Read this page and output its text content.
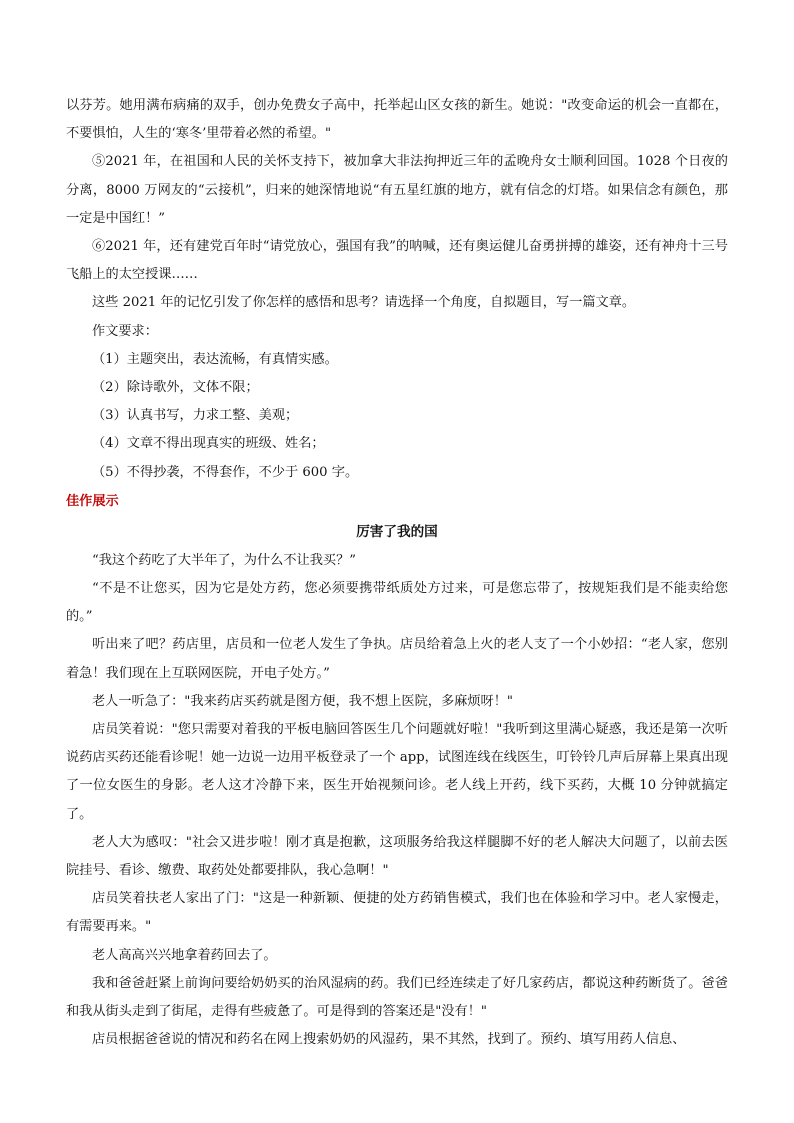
以芬芳。她用满布病痛的双手，创办免费女子高中，托举起山区女孩的新生。她说："改变命运的机会一直都在，不要惧怕，人生的‘寒冬’里带着必然的希望。"

⑤2021 年，在祖国和人民的关怀支持下，被加拿大非法拘押近三年的孟晚舟女士顺利回国。1028 个日夜的分离，8000 万网友的“云接机”，归来的她深情地说“有五星红旗的地方，就有信念的灯塔。如果信念有颜色，那一定是中国红！”

⑥2021 年，还有建党百年时“请党放心，强国有我”的呐喊，还有奥运健儿奋勇拼搏的雄姿，还有神舟十三号飞船上的太空授课……

这些 2021 年的记忆引发了你怎样的感悟和思考？请选择一个角度，自拟题目，写一篇文章。

作文要求：

（1）主题突出，表达流畅，有真情实感。

（2）除诗歌外，文体不限；

（3）认真书写，力求工整、美观；

（4）文章不得出现真实的班级、姓名；

（5）不得抄袭，不得套作，不少于 600 字。

佳作展示

厉害了我的国

“我这个药吃了大半年了，为什么不让我买？”

“不是不让您买，因为它是处方药，您必须要携带纸质处方过来，可是您忘带了，按规矩我们是不能卖给您的。”

听出来了吧？药店里，店员和一位老人发生了争执。店员给着急上火的老人支了一个小妙招：“老人家，您别着急！我们现在上互联网医院，开电子处方。”

老人一听急了："我来药店买药就是图方便，我不想上医院，多麻烦呀！"

店员笑着说："您只需要对着我的平板电脑回答医生几个问题就好啦！"我听到这里满心疑惑，我还是第一次听说药店买药还能看诊呢！她一边说一边用平板登录了一个 app，试图连线在线医生，叮铃铃几声后屏幕上果真出现了一位女医生的身影。老人这才冷静下来，医生开始视频问诊。老人线上开药，线下买药，大概 10 分钟就搞定了。

老人大为感叹："社会又进步啦！刚才真是抱歉，这项服务给我这样腿脚不好的老人解决大问题了，以前去医院挂号、看诊、缴费、取药处处都要排队，我心急啊！"

店员笑着扶老人家出了门："这是一种新颖、便捷的处方药销售模式，我们也在体验和学习中。老人家慢走，有需要再来。"

老人高高兴兴地拿着药回去了。

我和爸爸赶紧上前询问要给奶奶买的治风湿病的药。我们已经连续走了好几家药店，都说这种药断货了。爸爸和我从街头走到了街尾，走得有些疲惫了。可是得到的答案还是"没有！"

店员根据爸爸说的情况和药名在网上搜索奶奶的风湿药，果不其然，找到了。预约、填写用药人信息、
